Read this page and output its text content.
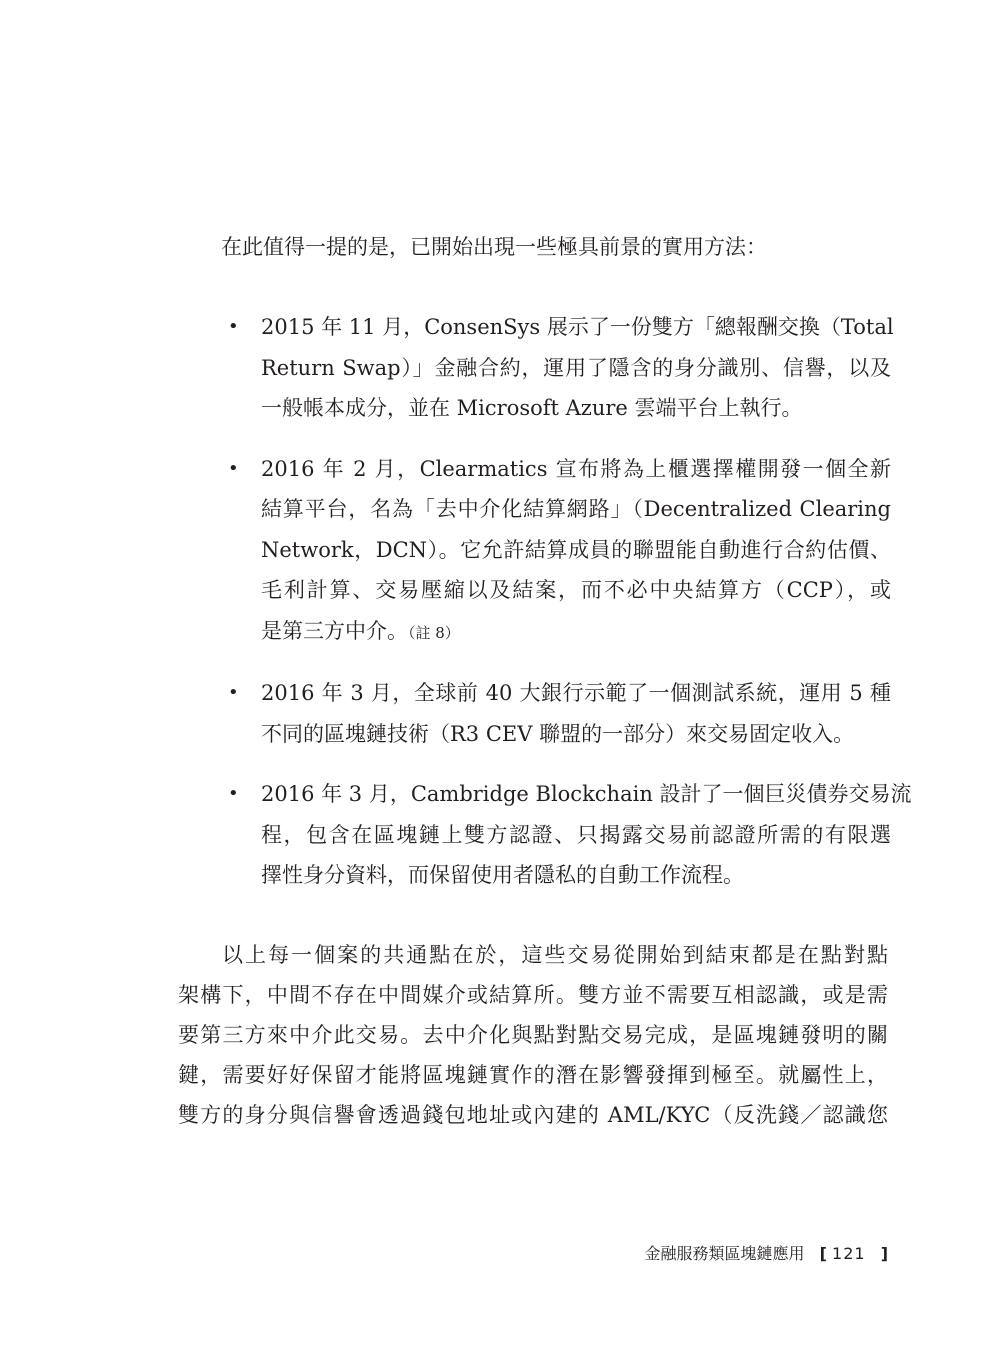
在此值得一提的是，已開始出現一些極具前景的實用方法：

• 2015 年 11 月，ConsenSys 展示了一份雙方「總報酬交換（Total
Return Swap）」金融合約，運用了隱含的身分識別、信譽，以及
一般帳本成分，並在 Microsoft Azure 雲端平台上執行。
• 2016 年 2 月，Clearmatics 宣布將為上櫃選擇權開發一個全新
結算平台，名為「去中介化結算網路」（Decentralized Clearing
Network，DCN）。它允許結算成員的聯盟能自動進行合約估價、
毛利計算、交易壓縮以及結案，而不必中央結算方（CCP），或
是第三方中介。（註 8）
• 2016 年 3 月，全球前 40 大銀行示範了一個測試系統，運用 5 種
不同的區塊鏈技術（R3 CEV 聯盟的一部分）來交易固定收入。
• 2016 年 3 月，Cambridge Blockchain 設計了一個巨災債券交易流
程，包含在區塊鏈上雙方認證、只揭露交易前認證所需的有限選
擇性身分資料，而保留使用者隱私的自動工作流程。
以上每一個案的共通點在於，這些交易從開始到結束都是在點對點
架構下，中間不存在中間媒介或結算所。雙方並不需要互相認識，或是需
要第三方來中介此交易。去中介化與點對點交易完成，是區塊鏈發明的關
鍵，需要好好保留才能將區塊鏈實作的潛在影響發揮到極至。就屬性上，
雙方的身分與信譽會透過錢包地址或內建的 AML/KYC（反洗錢／認識您
金融服務類區塊鏈應用 [ 121 ]
